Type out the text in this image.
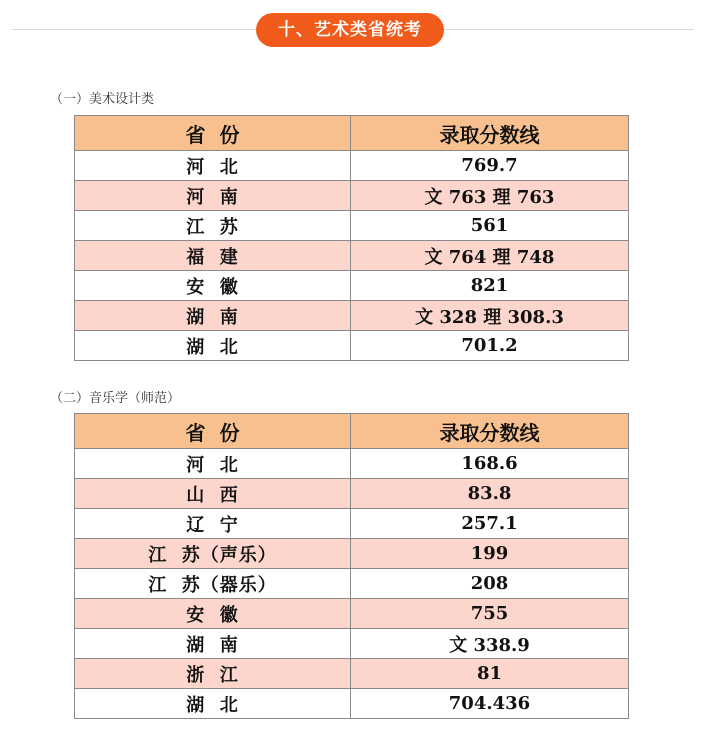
十、艺术类省统考
（一）美术设计类
省  份	录取分数线
河  北	769.7
河  南	文 763 理 763
江  苏	561
福  建	文 764 理 748
安  徽	821
湖  南	文 328 理 308.3
湖  北	701.2
（二）音乐学（师范）
省  份	录取分数线
河  北	168.6
山  西	83.8
辽  宁	257.1
江  苏（声乐）	199
江  苏（器乐）	208
安  徽	755
湖  南	文 338.9
浙  江	81
湖  北	704.436
